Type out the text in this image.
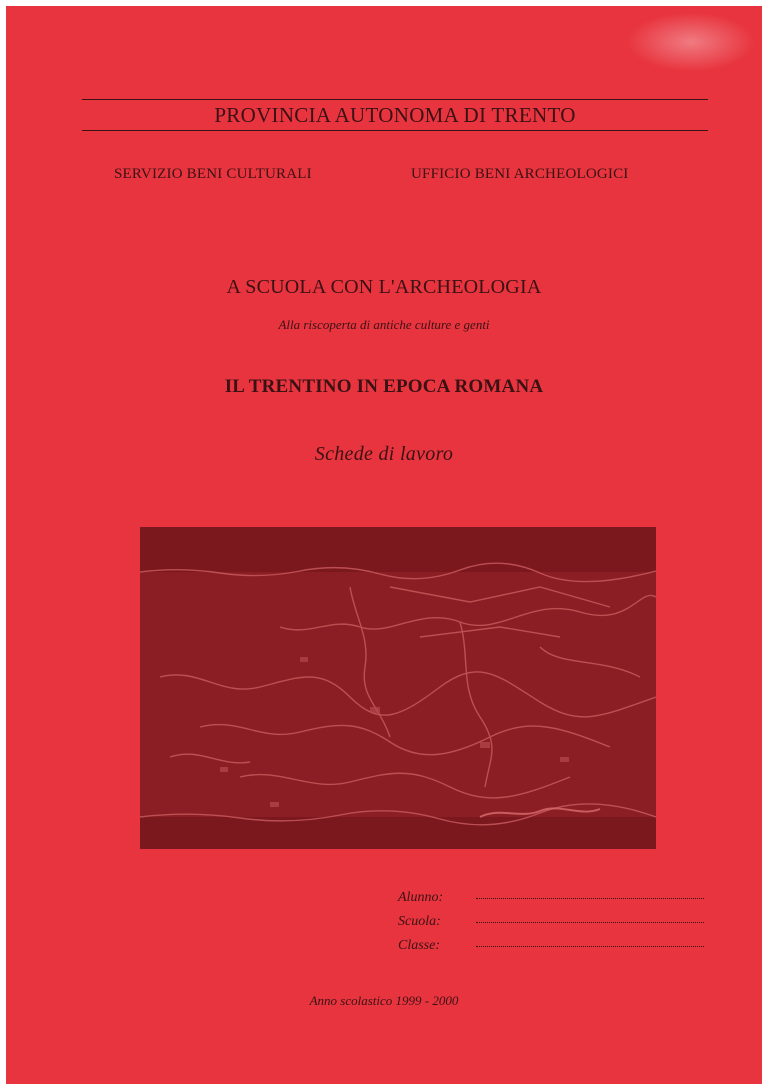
PROVINCIA AUTONOMA DI TRENTO
SERVIZIO BENI CULTURALI	UFFICIO BENI ARCHEOLOGICI
A SCUOLA CON L'ARCHEOLOGIA
Alla riscoperta di antiche culture e genti
IL TRENTINO IN EPOCA ROMANA
Schede di lavoro
Alunno:
Scuola:
Classe:
Anno scolastico 1999 - 2000
